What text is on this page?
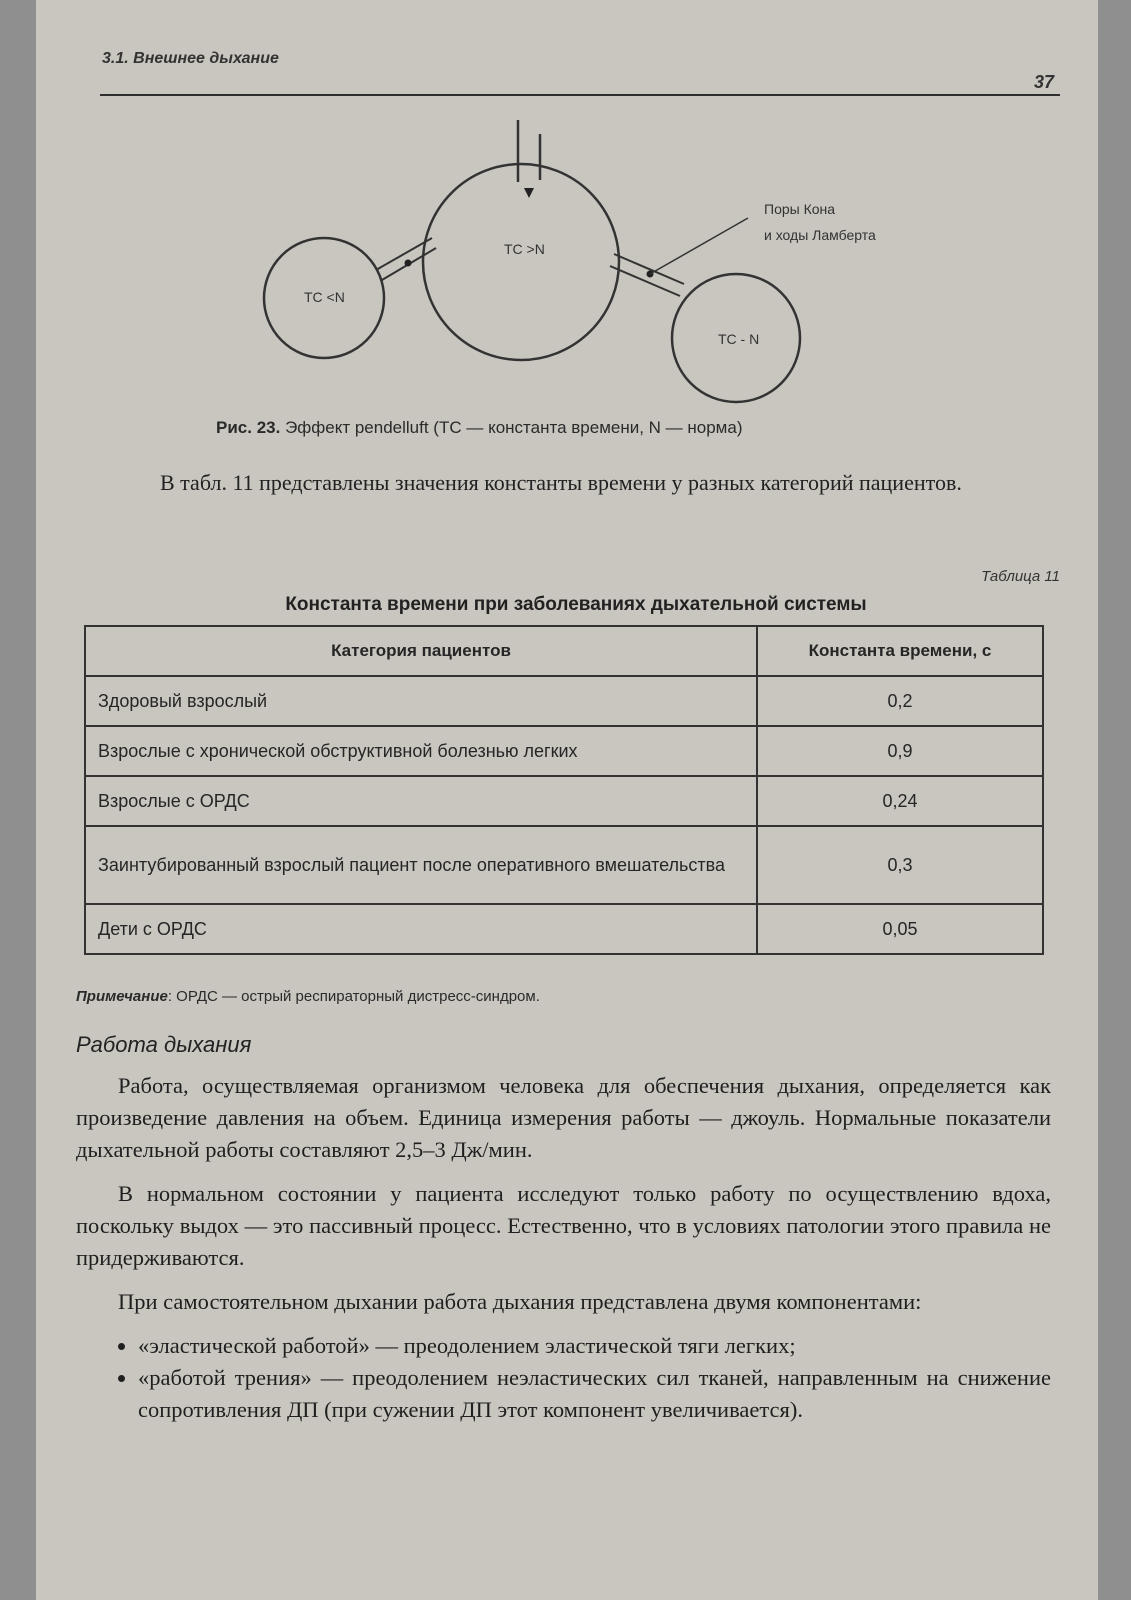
3.1. Внешнее дыхание
37
ТС <N
TC >N
TC - N
Поры Кона
и ходы Ламберта
Рис. 23. Эффект pendelluft (TC — константа времени, N — норма)
В табл. 11 представлены значения константы времени у разных категорий пациентов.
Таблица 11
Константа времени при заболеваниях дыхательной системы
Категория пациентов	Константа времени, с
Здоровый взрослый	0,2
Взрослые с хронической обструктивной болезнью легких	0,9
Взрослые с ОРДС	0,24
Заинтубированный взрослый пациент после оперативного вмешательства	0,3
Дети с ОРДС	0,05
Примечание: ОРДС — острый респираторный дистресс-синдром.
Работа дыхания

Работа, осуществляемая организмом человека для обеспечения дыхания, определяется как произведение давления на объем. Единица измерения работы — джоуль. Нормальные показатели дыхательной работы составляют 2,5–3 Дж/мин.

В нормальном состоянии у пациента исследуют только работу по осуществлению вдоха, поскольку выдох — это пассивный процесс. Естественно, что в условиях патологии этого правила не придерживаются.

При самостоятельном дыхании работа дыхания представлена двумя компонентами:

• «эластической работой» — преодолением эластической тяги легких;
• «работой трения» — преодолением неэластических сил тканей, направленным на снижение сопротивления ДП (при сужении ДП этот компонент увеличивается).
